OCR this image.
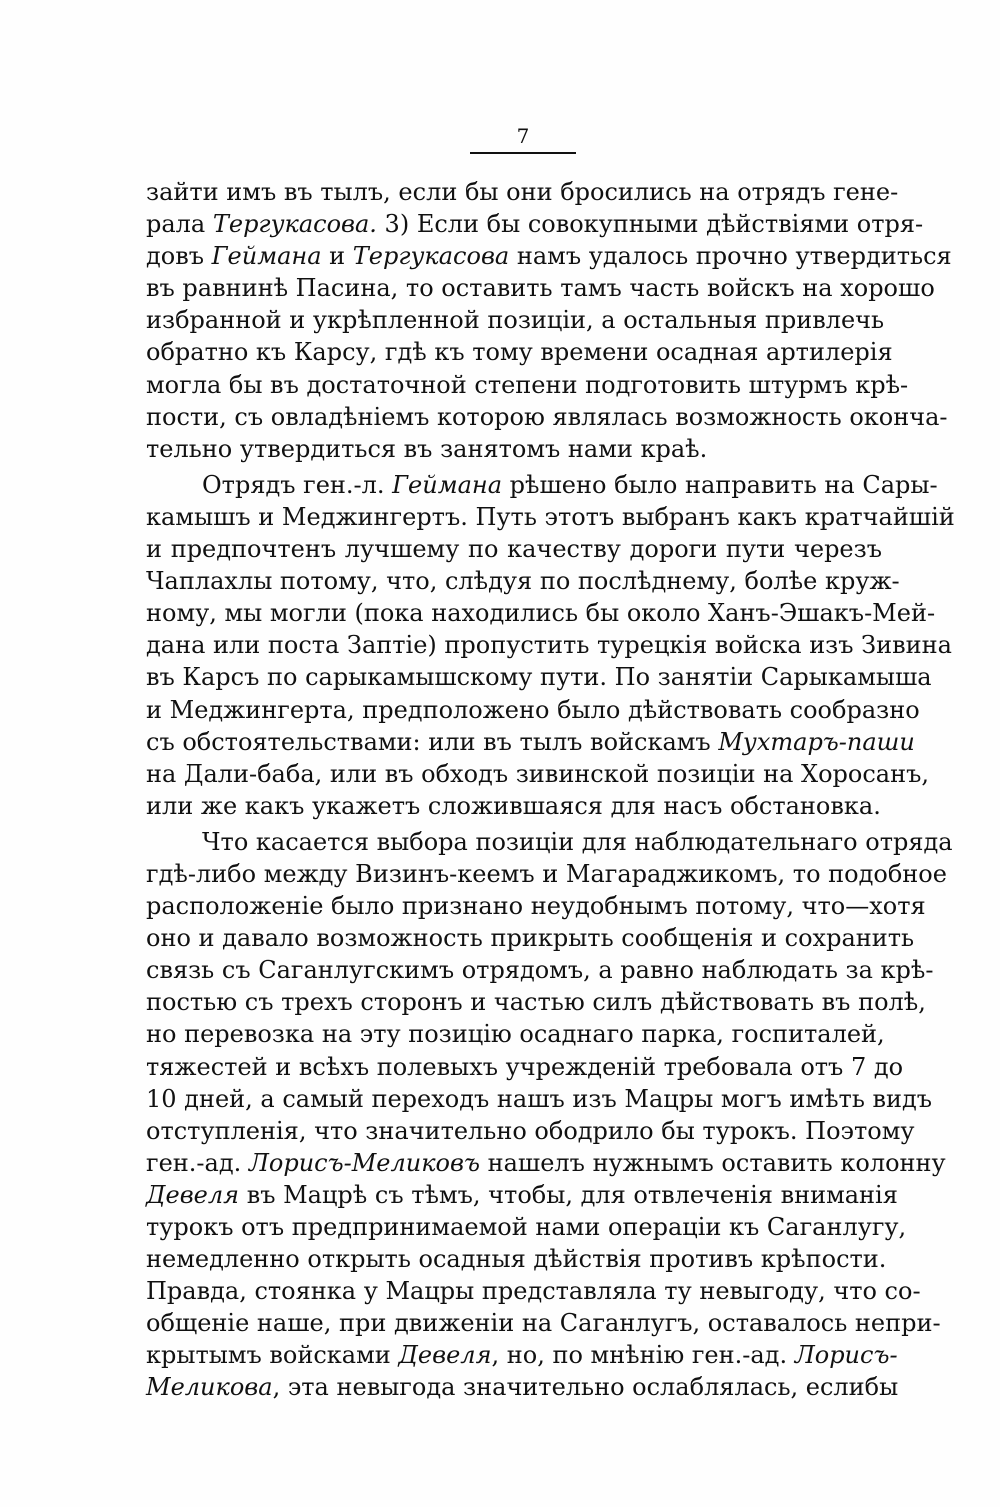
7
зайти имъ въ тылъ, если бы они бросились на отрядъ гене-
рала Тергукасова. 3) Если бы совокупными дѣйствіями отря-
довъ Геймана и Тергукасова намъ удалось прочно утвердиться
въ равнинѣ Пасина, то оставить тамъ часть войскъ на хорошо
избранной и укрѣпленной позиціи, а остальныя привлечь
обратно къ Карсу, гдѣ къ тому времени осадная артилерія
могла бы въ достаточной степени подготовить штурмъ крѣ-
пости, съ овладѣніемъ которою являлась возможность оконча-
тельно утвердиться въ занятомъ нами краѣ.
Отрядъ ген.-л. Геймана рѣшено было направить на Сары-
камышъ и Меджингертъ. Путь этотъ выбранъ какъ кратчайшій
и предпочтенъ лучшему по качеству дороги пути черезъ
Чаплахлы потому, что, слѣдуя по послѣднему, болѣе круж-
ному, мы могли (пока находились бы около Ханъ-Эшакъ-Мей-
дана или поста Заптіе) пропустить турецкія войска изъ Зивина
въ Карсъ по сарыкамышскому пути. По занятіи Сарыкамыша
и Меджингерта, предположено было дѣйствовать сообразно
съ обстоятельствами: или въ тылъ войскамъ Мухтаръ-паши
на Дали-баба, или въ обходъ зивинской позиціи на Хоросанъ,
или же какъ укажетъ сложившаяся для насъ обстановка.
Что касается выбора позиціи для наблюдательнаго отряда
гдѣ-либо между Визинъ-кеемъ и Магараджикомъ, то подобное
расположеніе было признано неудобнымъ потому, что—хотя
оно и давало возможность прикрыть сообщенія и сохранить
связь съ Саганлугскимъ отрядомъ, а равно наблюдать за крѣ-
постью съ трехъ сторонъ и частью силъ дѣйствовать въ полѣ,
но перевозка на эту позицію осаднаго парка, госпиталей,
тяжестей и всѣхъ полевыхъ учрежденій требовала отъ 7 до
10 дней, а самый переходъ нашъ изъ Мацры могъ имѣть видъ
отступленія, что значительно ободрило бы турокъ. Поэтому
ген.-ад. Лорисъ-Меликовъ нашелъ нужнымъ оставить колонну
Девеля въ Мацрѣ съ тѣмъ, чтобы, для отвлеченія вниманія
турокъ отъ предпринимаемой нами операціи къ Саганлугу,
немедленно открыть осадныя дѣйствія противъ крѣпости.
Правда, стоянка у Мацры представляла ту невыгоду, что со-
общеніе наше, при движеніи на Саганлугъ, оставалось непри-
крытымъ войсками Девеля, но, по мнѣнію ген.-ад. Лорисъ-
Меликова, эта невыгода значительно ослаблялась, еслибы
